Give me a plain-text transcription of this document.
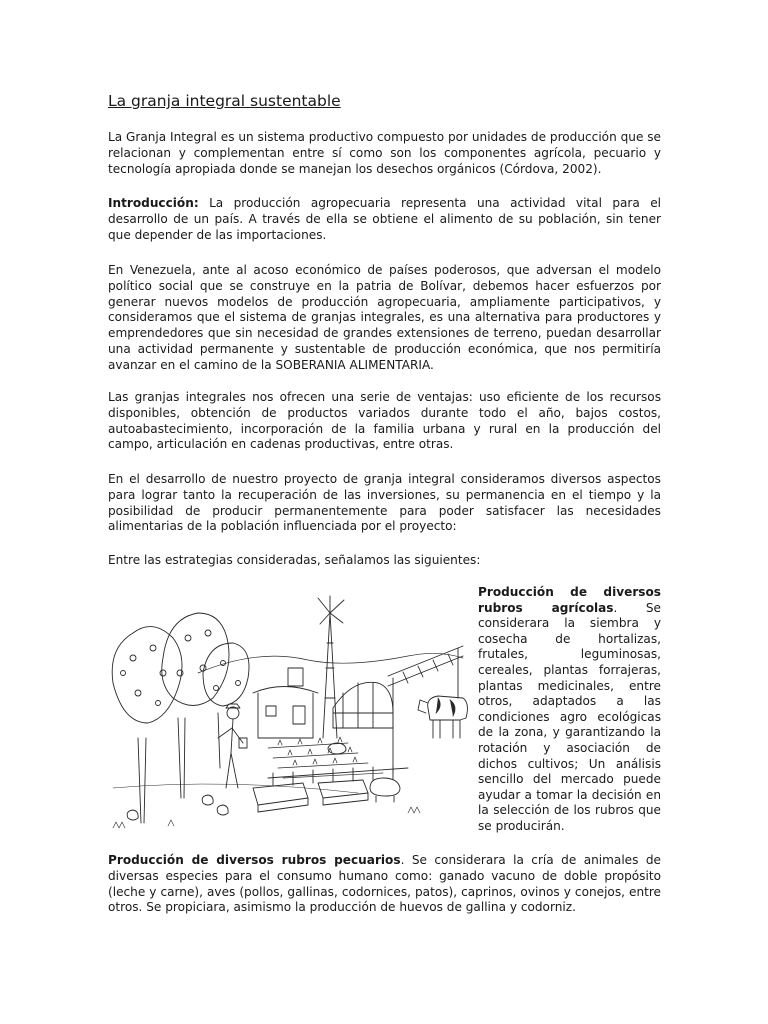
La granja integral sustentable

La Granja Integral es un sistema productivo compuesto por unidades de producción que se relacionan y complementan entre sí como son los componentes agrícola, pecuario y tecnología apropiada donde se manejan los desechos orgánicos (Córdova, 2002).

Introducción: La producción agropecuaria representa una actividad vital para el desarrollo de un país. A través de ella se obtiene el alimento de su población, sin tener que depender de las importaciones.

En Venezuela, ante al acoso económico de países poderosos, que adversan el modelo político social que se construye en la patria de Bolívar, debemos hacer esfuerzos por generar nuevos modelos de producción agropecuaria, ampliamente participativos, y consideramos que el sistema de granjas integrales, es una alternativa para productores y emprendedores que sin necesidad de grandes extensiones de terreno, puedan desarrollar una actividad permanente y sustentable de producción económica, que nos permitiría avanzar en el camino de la SOBERANIA ALIMENTARIA.

Las granjas integrales nos ofrecen una serie de ventajas: uso eficiente de los recursos disponibles, obtención de productos variados durante todo el año, bajos costos, autoabastecimiento, incorporación de la familia urbana y rural en la producción del campo, articulación en cadenas productivas, entre otras.

En el desarrollo de nuestro proyecto de granja integral consideramos diversos aspectos para lograr tanto la recuperación de las inversiones, su permanencia en el tiempo y la posibilidad de producir permanentemente para poder satisfacer las necesidades alimentarias de la población influenciada por el proyecto:

Entre las estrategias consideradas, señalamos las siguientes:

Producción de diversos rubros agrícolas. Se considerara la siembra y cosecha de hortalizas, frutales, leguminosas, cereales, plantas forrajeras, plantas medicinales, entre otros, adaptados a las condiciones agro ecológicas de la zona, y garantizando la rotación y asociación de dichos cultivos; Un análisis sencillo del mercado puede ayudar a tomar la decisión en la selección de los rubros que se producirán.

Producción de diversos rubros pecuarios. Se considerara la cría de animales de diversas especies para el consumo humano como: ganado vacuno de doble propósito (leche y carne), aves (pollos, gallinas, codornices, patos), caprinos, ovinos y conejos, entre otros. Se propiciara, asimismo la producción de huevos de gallina y codorniz.
